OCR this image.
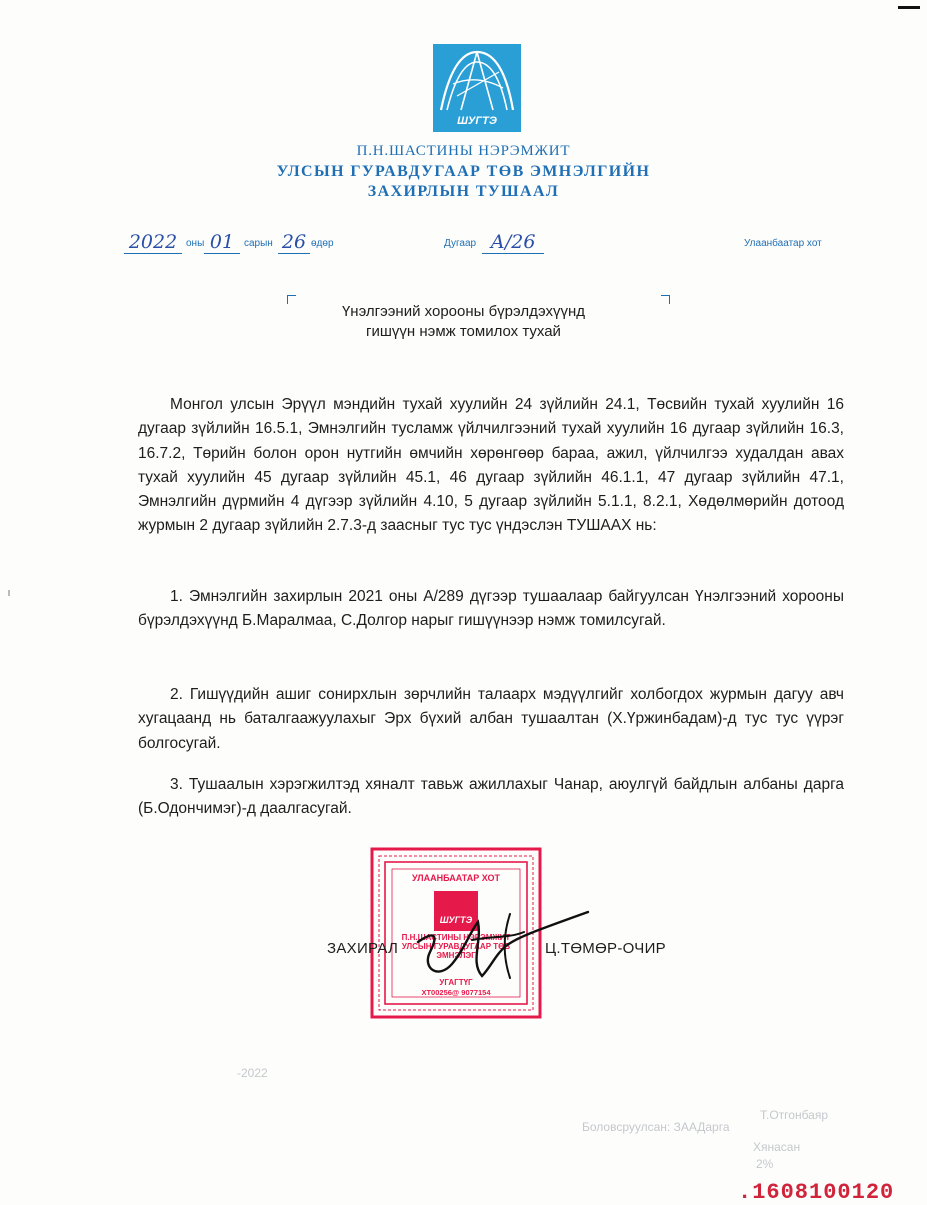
ШУГТЭ
П.Н.ШАСТИНЫ НЭРЭМЖИТ
УЛСЫН ГУРАВДУГААР ТӨВ ЭМНЭЛГИЙН
ЗАХИРЛЫН ТУШААЛ
2022 оны 01 сарын 26 өдөр	Дугаар А/26	Улаанбаатар хот
Үнэлгээний хорооны бүрэлдэхүүнд
гишүүн нэмж томилох тухай
Монгол улсын Эрүүл мэндийн тухай хуулийн 24 зүйлийн 24.1, Төсвийн тухай хуулийн 16 дугаар зүйлийн 16.5.1, Эмнэлгийн тусламж үйлчилгээний тухай хуулийн 16 дугаар зүйлийн 16.3, 16.7.2, Төрийн болон орон нутгийн өмчийн хөрөнгөөр бараа, ажил, үйлчилгээ худалдан авах тухай хуулийн 45 дугаар зүйлийн 45.1, 46 дугаар зүйлийн 46.1.1, 47 дугаар зүйлийн 47.1, Эмнэлгийн дүрмийн 4 дүгээр зүйлийн 4.10, 5 дугаар зүйлийн 5.1.1, 8.2.1, Хөдөлмөрийн дотоод журмын 2 дугаар зүйлийн 2.7.3-д заасныг тус тус үндэслэн ТУШААХ нь:
1. Эмнэлгийн захирлын 2021 оны А/289 дүгээр тушаалаар байгуулсан Үнэлгээний хорооны бүрэлдэхүүнд Б.Маралмаа, С.Долгор нарыг гишүүнээр нэмж томилсугай.
2. Гишүүдийн ашиг сонирхлын зөрчлийн талаарх мэдүүлгийг холбогдох журмын дагуу авч хугацаанд нь баталгаажуулахыг Эрх бүхий албан тушаалтан (Х.Үржинбадам)-д тус тус үүрэг болгосугай.
3. Тушаалын хэрэгжилтэд хяналт тавьж ажиллахыг Чанар, аюулгүй байдлын албаны дарга (Б.Одончимэг)-д даалгасугай.
УЛААНБААТАР ХОТ
ШУГТЭ
П.Н.ШАСТИНЫ НЭРЭМЖИТ УЛСЫН ГУРАВДУГААР ТӨВ ЭМНЭЛЭГ
УГАГТҮГ
ХТ00256@ 9077154
ЗАХИРАЛ	Ц.ТӨМӨР-ОЧИР
Боловсруулсан: ЗААДарга
Т.Отгонбаяр
Хянасан
2%
-2022
.1608100120
